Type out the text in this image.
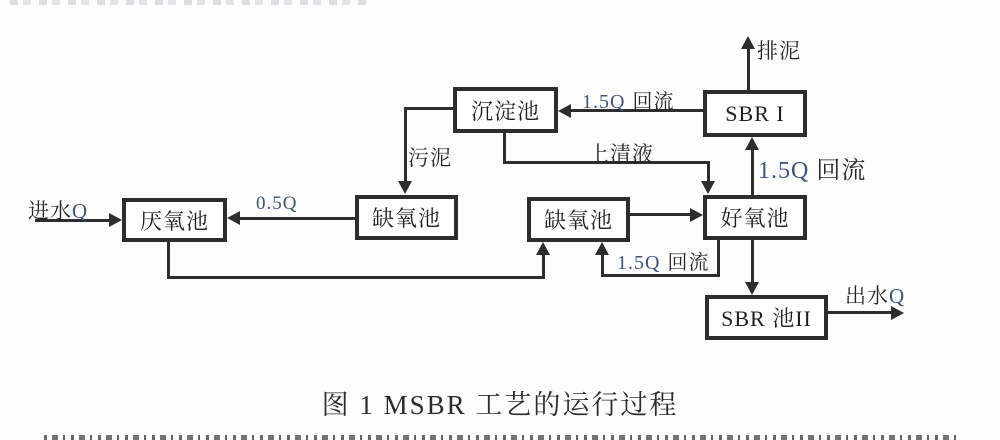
沉淀池	SBR I
厌氧池	缺氧池	缺氧池	好氧池
SBR 池II
进水Q	0.5Q
污泥	上清液
1.5Q 回流
排泥
1.5Q 回流
1.5Q 回流
出水Q
图 1 MSBR 工艺的运行过程
